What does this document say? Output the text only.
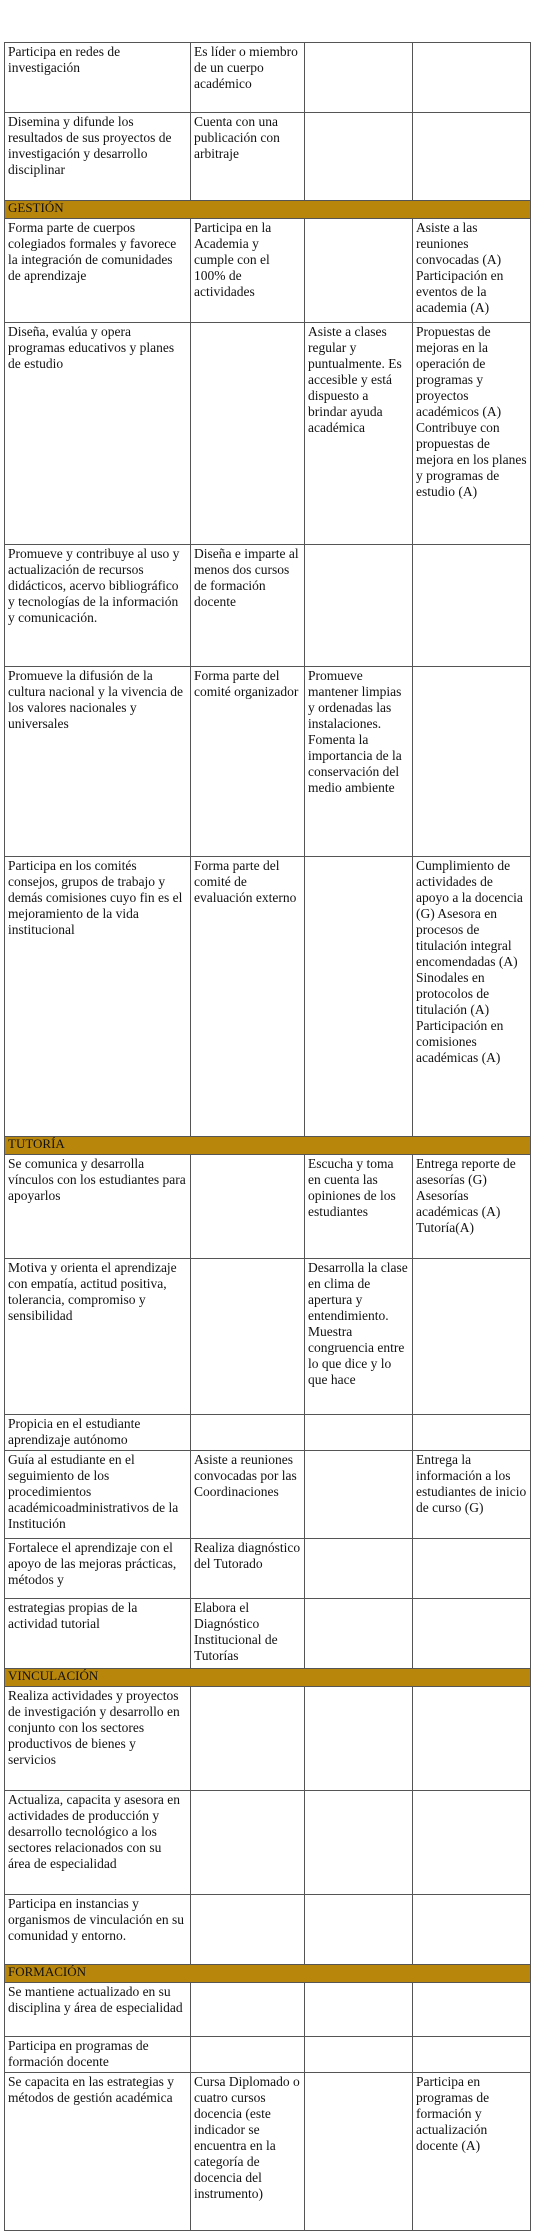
Participa en redes de investigación	Es líder o miembro de un cuerpo académico		
Disemina y difunde los resultados de sus proyectos de investigación y desarrollo disciplinar	Cuenta con una publicación con arbitraje		
GESTIÓN			
Forma parte de cuerpos colegiados formales y favorece la integración de comunidades de aprendizaje	Participa en la Academia y cumple con el 100% de actividades		Asiste a las reuniones convocadas (A) Participación en eventos de la academia (A)
Diseña, evalúa y opera programas educativos y planes de estudio		Asiste a clases regular y puntualmente. Es accesible y está dispuesto a brindar ayuda académica	Propuestas de mejoras en la operación de programas y proyectos académicos (A) Contribuye con propuestas de mejora en los planes y programas de estudio (A)
Promueve y contribuye al uso y actualización de recursos didácticos, acervo bibliográfico y tecnologías de la información y comunicación.	Diseña e imparte al menos dos cursos de formación docente		
Promueve la difusión de la cultura nacional y la vivencia de los valores nacionales y universales	Forma parte del comité organizador	Promueve mantener limpias y ordenadas las instalaciones. Fomenta la importancia de la conservación del medio ambiente	
Participa en los comités consejos, grupos de trabajo y demás comisiones cuyo fin es el mejoramiento de la vida institucional	Forma parte del comité de evaluación externo		Cumplimiento de actividades de apoyo a la docencia (G) Asesora en procesos de titulación integral encomendadas (A) Sinodales en protocolos de titulación (A) Participación en comisiones académicas (A)
TUTORÍA			
Se comunica y desarrolla vínculos con los estudiantes para apoyarlos		Escucha y toma en cuenta las opiniones de los estudiantes	Entrega reporte de asesorías (G) Asesorías académicas (A) Tutoría(A)
Motiva y orienta el aprendizaje con empatía, actitud positiva, tolerancia, compromiso y sensibilidad		Desarrolla la clase en clima de apertura y entendimiento. Muestra congruencia entre lo que dice y lo que hace	
Propicia en el estudiante aprendizaje autónomo			
Guía al estudiante en el seguimiento de los procedimientos académicoadministrativos de la Institución	Asiste a reuniones convocadas por las Coordinaciones		Entrega la información a los estudiantes de inicio de curso (G)
Fortalece el aprendizaje con el apoyo de las mejoras prácticas, métodos y	Realiza diagnóstico del Tutorado		
estrategias propias de la actividad tutorial	Elabora el Diagnóstico Institucional de Tutorías		
VINCULACIÓN			
Realiza actividades y proyectos de investigación y desarrollo en conjunto con los sectores productivos de bienes y servicios			
Actualiza, capacita y asesora en actividades de producción y desarrollo tecnológico a los sectores relacionados con su área de especialidad			
Participa en instancias y organismos de vinculación en su comunidad y entorno.			
FORMACIÓN			
Se mantiene actualizado en su disciplina y área de especialidad			
Participa en programas de formación docente			
Se capacita en las estrategias y métodos de gestión académica	Cursa Diplomado o cuatro cursos docencia (este indicador se encuentra en la categoría de docencia del instrumento)		Participa en programas de formación y actualización docente (A)
